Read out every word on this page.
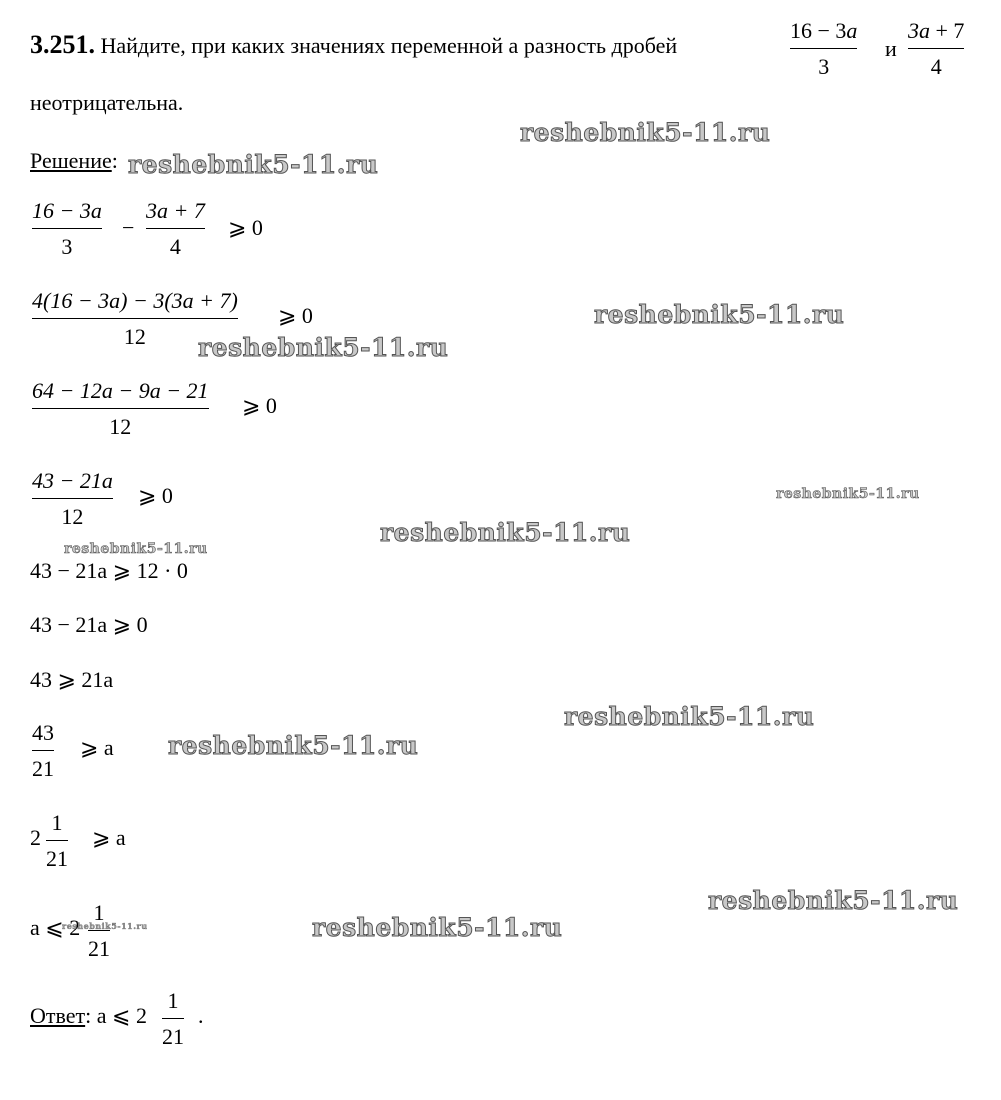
3.251. Найдите, при каких значениях переменной a разность дробей
16 − 3a
3
и
3a + 7
4
неотрицательна.
Решение:
16 − 3a
3
−
3a + 7
4
⩾ 0
4(16 − 3a) − 3(3a + 7)
12
⩾ 0
64 − 12a − 9a − 21
12
⩾ 0
43 − 21a
12
⩾ 0
43 − 21a ⩾ 12 · 0
43 − 21a ⩾ 0
43 ⩾ 21a
43
21
⩾ a
2
1
21
⩾ a
a ⩽ 2
1
21
Ответ: a ⩽ 2
1
21
.
reshebnik5-11.ru
reshebnik5-11.ru
reshebnik5-11.ru
reshebnik5-11.ru
reshebnik5-11.ru
reshebnik5-11.ru
reshebnik5-11.ru
reshebnik5-11.ru
reshebnik5-11.ru
reshebnik5-11.ru
reshebnik5-11.ru	reshebnik5-11.ru
